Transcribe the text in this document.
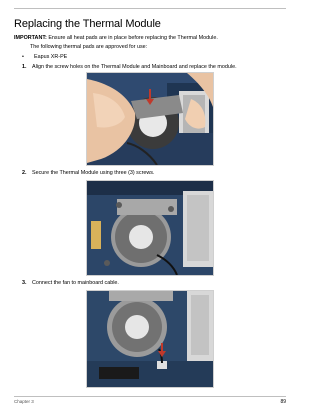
Replacing the Thermal Module
IMPORTANT: Ensure all heat pads are in place before replacing the Thermal Module.
The following thermal pads are approved for use:
• Eapus XR-PE
1. Align the screw holes on the Thermal Module and Mainboard and replace the module.
2. Secure the Thermal Module using three (3) screws.
3. Connect the fan to mainboard cable.
Chapter 3	89
